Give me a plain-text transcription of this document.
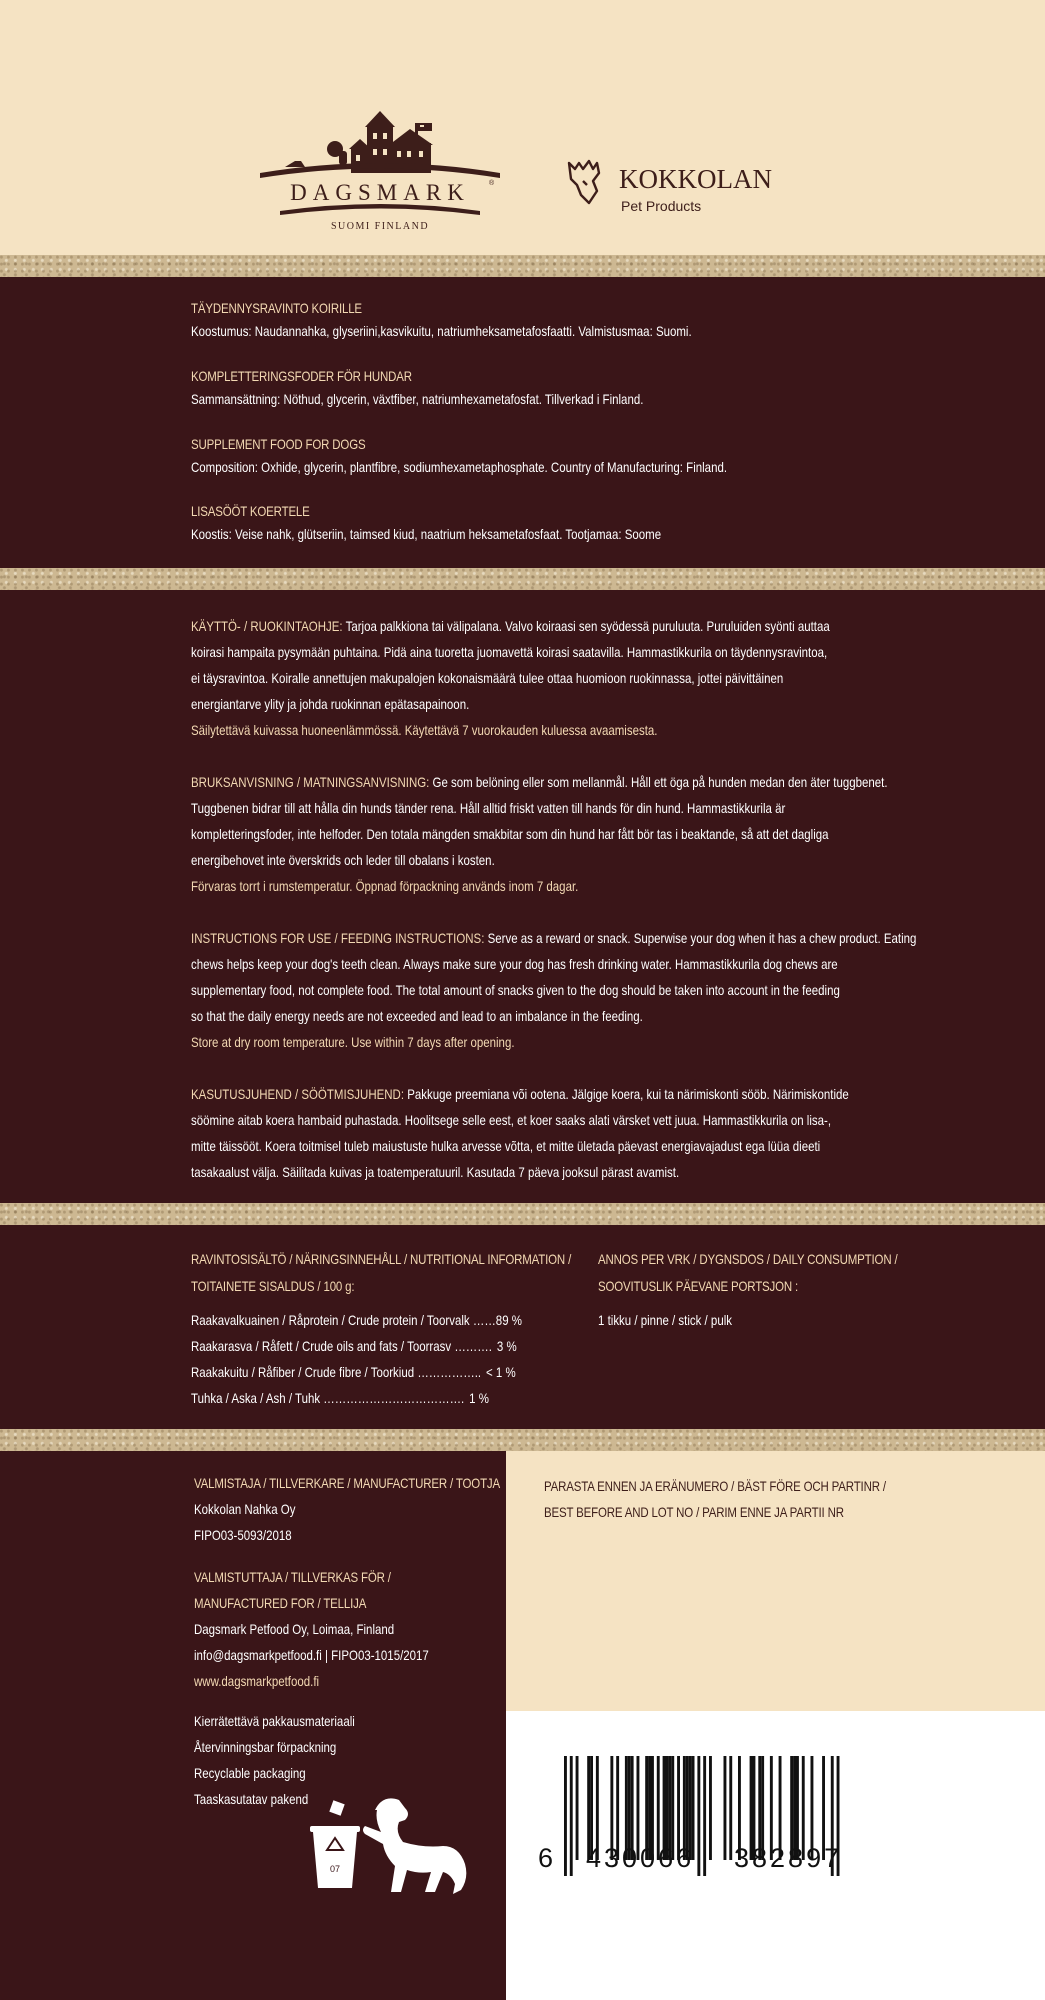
DAGSMARK	®
SUOMI FINLAND
KOKKOLAN
Pet Products
TÄYDENNYSRAVINTO KOIRILLE
Koostumus: Naudannahka, glyseriini,kasvikuitu, natriumheksametafosfaatti. Valmistusmaa: Suomi.
KOMPLETTERINGSFODER FÖR HUNDAR
Sammansättning: Nöthud, glycerin, växtfiber, natriumhexametafosfat. Tillverkad i Finland.
SUPPLEMENT FOOD FOR DOGS
Composition: Oxhide, glycerin, plantfibre, sodiumhexametaphosphate. Country of Manufacturing: Finland.
LISASÖÖT KOERTELE
Koostis: Veise nahk, glütseriin, taimsed kiud, naatrium heksametafosfaat. Tootjamaa: Soome
KÄYTTÖ- / RUOKINTAOHJE: Tarjoa palkkiona tai välipalana. Valvo koiraasi sen syödessä puruluuta. Puruluiden syönti auttaa
koirasi hampaita pysymään puhtaina. Pidä aina tuoretta juomavettä koirasi saatavilla. Hammastikkurila on täydennysravintoa,
ei täysravintoa. Koiralle annettujen makupalojen kokonaismäärä tulee ottaa huomioon ruokinnassa, jottei päivittäinen
energiantarve ylity ja johda ruokinnan epätasapainoon.
Säilytettävä kuivassa huoneenlämmössä. Käytettävä 7 vuorokauden kuluessa avaamisesta.
BRUKSANVISNING / MATNINGSANVISNING: Ge som belöning eller som mellanmål. Håll ett öga på hunden medan den äter tuggbenet.
Tuggbenen bidrar till att hålla din hunds tänder rena. Håll alltid friskt vatten till hands för din hund. Hammastikkurila är
kompletteringsfoder, inte helfoder. Den totala mängden smakbitar som din hund har fått bör tas i beaktande, så att det dagliga
energibehovet inte överskrids och leder till obalans i kosten.
Förvaras torrt i rumstemperatur. Öppnad förpackning används inom 7 dagar.
INSTRUCTIONS FOR USE / FEEDING INSTRUCTIONS: Serve as a reward or snack. Superwise your dog when it has a chew product. Eating
chews helps keep your dog's teeth clean. Always make sure your dog has fresh drinking water. Hammastikkurila dog chews are
supplementary food, not complete food. The total amount of snacks given to the dog should be taken into account in the feeding
so that the daily energy needs are not exceeded and lead to an imbalance in the feeding.
Store at dry room temperature. Use within 7 days after opening.
KASUTUSJUHEND / SÖÖTMISJUHEND: Pakkuge preemiana või ootena. Jälgige koera, kui ta närimiskonti sööb. Närimiskontide
söömine aitab koera hambaid puhastada. Hoolitsege selle eest, et koer saaks alati värsket vett juua. Hammastikkurila on lisa-,
mitte täissööt. Koera toitmisel tuleb maiustuste hulka arvesse võtta, et mitte ületada päevast energiavajadust ega lüüa dieeti
tasakaalust välja. Säilitada kuivas ja toatemperatuuril. Kasutada 7 päeva jooksul pärast avamist.
RAVINTOSISÄLTÖ / NÄRINGSINNEHÅLL / NUTRITIONAL INFORMATION /
TOITAINETE SISALDUS / 100 g:
Raakavalkuainen / Råprotein / Crude protein / Toorvalk ……89 %
Raakarasva / Råfett / Crude oils and fats / Toorrasv ………. 3 %
Raakakuitu / Råfiber / Crude fibre / Toorkiud …………….. < 1 %
Tuhka / Aska / Ash / Tuhk ………………………………. 1 %
ANNOS PER VRK / DYGNSDOS / DAILY CONSUMPTION /
SOOVITUSLIK PÄEVANE PORTSJON :
1 tikku / pinne / stick / pulk
VALMISTAJA / TILLVERKARE / MANUFACTURER / TOOTJA
Kokkolan Nahka Oy
FIPO03-5093/2018
VALMISTUTTAJA / TILLVERKAS FÖR /
MANUFACTURED FOR / TELLIJA
Dagsmark Petfood Oy, Loimaa, Finland
info@dagsmarkpetfood.fi | FIPO03-1015/2017
www.dagsmarkpetfood.fi
Kierrätettävä pakkausmateriaali
Återvinningsbar förpackning
Recyclable packaging
Taaskasutatav pakend
07
PARASTA ENNEN JA ERÄNUMERO / BÄST FÖRE OCH PARTINR /
BEST BEFORE AND LOT NO / PARIM ENNE JA PARTII NR
6 430066 382897
